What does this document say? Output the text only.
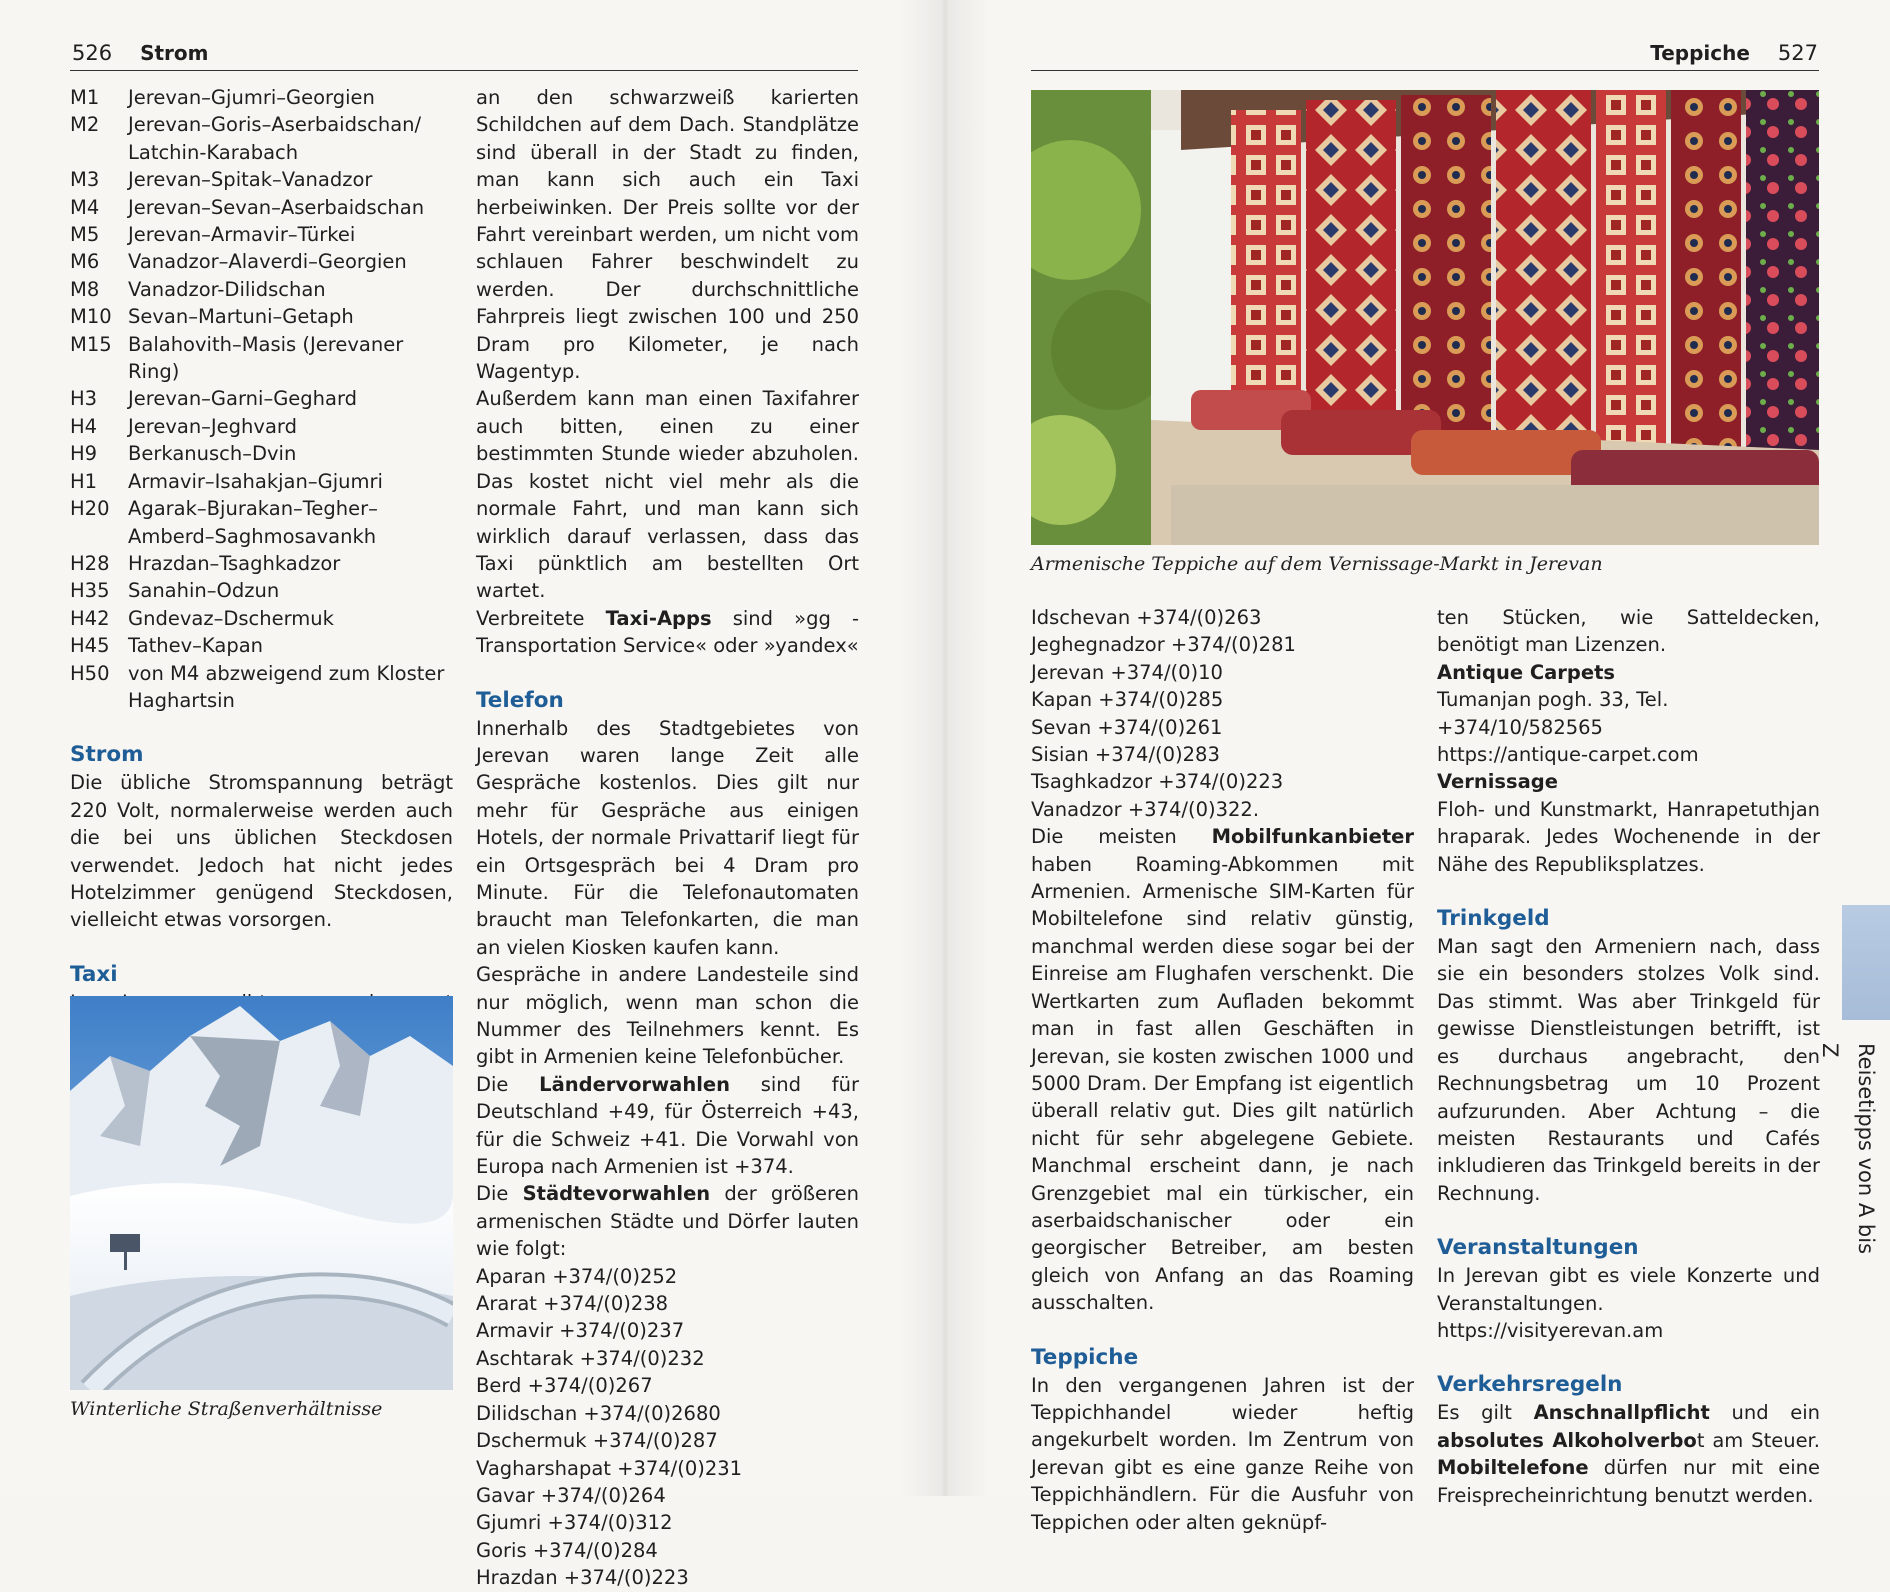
526 Strom
M1	Jerevan–Gjumri–Georgien
M2	Jerevan–Goris–Aserbaidschan/ Latchin-Karabach
M3	Jerevan–Spitak–Vanadzor
M4	Jerevan–Sevan–Aserbaidschan
M5	Jerevan–Armavir–Türkei
M6	Vanadzor–Alaverdi–Georgien
M8	Vanadzor-Dilidschan
M10 Sevan–Martuni–Getaph
M15 Balahovith–Masis (Jerevaner Ring)
H3	Jerevan–Garni–Geghard
H4	Jerevan–Jeghvard
H9	Berkanusch–Dvin
H1	Armavir–Isahakjan–Gjumri
H20 Agarak–Bjurakan–Tegher–Amberd–Saghmosavankh
H28 Hrazdan–Tsaghkadzor
H35 Sanahin–Odzun
H42 Gndevaz–Dschermuk
H45 Tathev–Kapan
H50 von M4 abzweigend zum Kloster Haghartsin
Strom

Die übliche Stromspannung beträgt 220 Volt, normalerweise werden auch die bei uns üblichen Steckdosen verwendet. Jedoch hat nicht jedes Hotelzimmer genügend Steckdosen, vielleicht etwas vorsorgen.

Taxi

Winterliche Straßenverhältnisse

an den schwarzweiß karierten Schildchen auf dem Dach. Standplätze sind überall in der Stadt zu finden, man kann sich auch ein Taxi herbeiwinken. Der Preis sollte vor der Fahrt vereinbart werden, um nicht vom schlauen Fahrer beschwindelt zu werden. Der durchschnittliche Fahrpreis liegt zwischen 100 und 250 Dram pro Kilometer, je nach Wagentyp.

Außerdem kann man einen Taxifahrer auch bitten, einen zu einer bestimmten Stunde wieder abzuholen. Das kostet nicht viel mehr als die normale Fahrt, und man kann sich wirklich darauf verlassen, dass das Taxi pünktlich am bestellten Ort wartet.

Verbreitete Taxi-Apps sind »gg - Transportation Service« oder »yandex«

Telefon

Innerhalb des Stadtgebietes von Jerevan waren lange Zeit alle Gespräche kostenlos. Dies gilt nur mehr für Gespräche aus einigen Hotels, der normale Privattarif liegt für ein Ortsgespräch bei 4 Dram pro Minute. Für die Telefonautomaten braucht man Telefonkarten, die man an vielen Kiosken kaufen kann.

Gespräche in andere Landesteile sind nur möglich, wenn man schon die Nummer des Teilnehmers kennt. Es gibt in Armenien keine Telefonbücher.

Die Ländervorwahlen sind für Deutschland +49, für Österreich +43, für die Schweiz +41. Die Vorwahl von Europa nach Armenien ist +374.

Die Städtevorwahlen der größeren armenischen Städte und Dörfer lauten wie folgt:

Aparan +374/(0)252
Ararat +374/(0)238
Armavir +374/(0)237
Aschtarak +374/(0)232
Berd +374/(0)267
Dilidschan +374/(0)2680
Dschermuk +374/(0)287
Vagharshapat +374/(0)231
Gavar +374/(0)264
Gjumri +374/(0)312
Goris +374/(0)284
Hrazdan +374/(0)223
Teppiche 527
Armenische Teppiche auf dem Vernissage-Markt in Jerevan
Idschevan +374/(0)263
Jeghegnadzor +374/(0)281
Jerevan +374/(0)10
Kapan +374/(0)285
Sevan +374/(0)261
Sisian +374/(0)283
Tsaghkadzor +374/(0)223
Vanadzor +374/(0)322.

Die meisten Mobilfunkanbieter haben Roaming-Abkommen mit Armenien. Armenische SIM-Karten für Mobiltelefone sind relativ günstig, manchmal werden diese sogar bei der Einreise am Flughafen verschenkt. Die Wertkarten zum Aufladen bekommt man in fast allen Geschäften in Jerevan, sie kosten zwischen 1000 und 5000 Dram. Der Empfang ist eigentlich überall relativ gut. Dies gilt natürlich nicht für sehr abgelegene Gebiete. Manchmal erscheint dann, je nach Grenzgebiet mal ein türkischer, ein aserbaidschanischer oder ein georgischer Betreiber, am besten gleich von Anfang an das Roaming ausschalten.

Teppiche

In den vergangenen Jahren ist der Teppichhandel wieder heftig angekurbelt worden. Im Zentrum von Jerevan gibt es eine ganze Reihe von Teppichhändlern. Für die Ausfuhr von Teppichen oder alten geknüpf-

ten Stücken, wie Satteldecken, benötigt man Lizenzen.

Antique Carpets
Tumanjan pogh. 33, Tel. +374/10/582565
https://antique-carpet.com
Vernissage

Floh- und Kunstmarkt, Hanrapetuthjan hraparak. Jedes Wochenende in der Nähe des Republiksplatzes.

Trinkgeld

Man sagt den Armeniern nach, dass sie ein besonders stolzes Volk sind. Das stimmt. Was aber Trinkgeld für gewisse Dienstleistungen betrifft, ist es durchaus angebracht, den Rechnungsbetrag um 10 Prozent aufzurunden. Aber Achtung – die meisten Restaurants und Cafés inkludieren das Trinkgeld bereits in der Rechnung.

Veranstaltungen

In Jerevan gibt es viele Konzerte und Veranstaltungen.

https://visityerevan.am
Verkehrsregeln

Es gilt Anschnallpflicht und ein absolutes Alkoholverbot am Steuer. Mobiltelefone dürfen nur mit eine Freisprecheinrichtung benutzt werden.

Reisetipps von A bis Z
